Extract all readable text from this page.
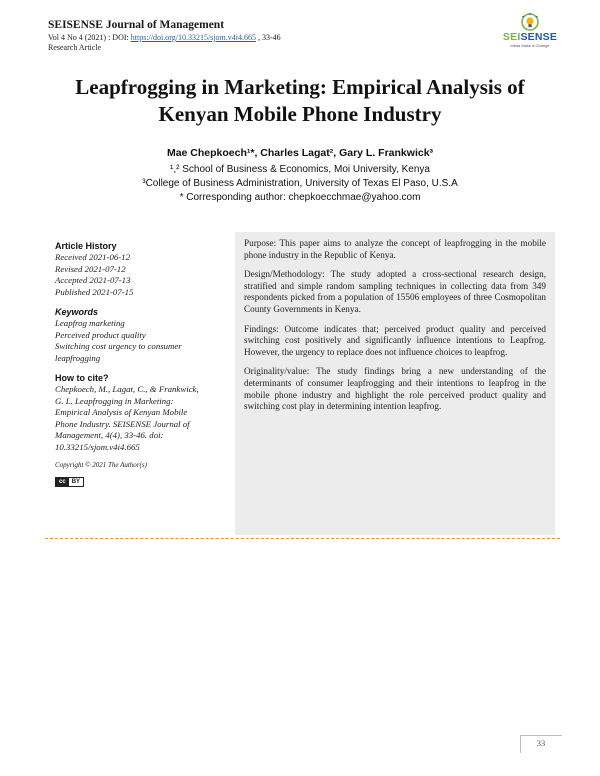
SEISENSE Journal of Management
Vol 4 No 4 (2021) : DOI: https://doi.org/10.33215/sjom.v4i4.665 , 33-46
Research Article
SEISENSE
Ideas Make a Change
Leapfrogging in Marketing: Empirical Analysis of
Kenyan Mobile Phone Industry
Mae Chepkoech¹*, Charles Lagat², Gary L. Frankwick³
¹,² School of Business & Economics, Moi University, Kenya
³College of Business Administration, University of Texas El Paso, U.S.A
* Corresponding author: chepkoecchmae@yahoo.com
Article History
Received 2021-06-12
Revised 2021-07-12
Accepted 2021-07-13
Published 2021-07-15
Keywords
Leapfrog marketing
Perceived product quality
Switching cost urgency to consumer
leapfrogging
How to cite?
Chepkoech, M., Lagat, C., & Frankwick,
G. L. Leapfrogging in Marketing:
Empirical Analysis of Kenyan Mobile
Phone Industry. SEISENSE Journal of
Management, 4(4), 33-46. doi:
10.33215/sjom.v4i4.665
Copyright © 2021 The Author(s)
cc	BY

Purpose: This paper aims to analyze the concept of leapfrogging in the mobile phone industry in the Republic of Kenya.

Design/Methodology: The study adopted a cross-sectional research design, stratified and simple random sampling techniques in collecting data from 349 respondents picked from a population of 15506 employees of three Cosmopolitan County Governments in Kenya.

Findings: Outcome indicates that; perceived product quality and perceived switching cost positively and significantly influence intentions to Leapfrog. However, the urgency to replace does not influence choices to leapfrog.

Originality/value: The study findings bring a new understanding of the determinants of consumer leapfrogging and their intentions to leapfrog in the mobile phone industry and highlight the role perceived product quality and switching cost play in determining intention leapfrog.

33
